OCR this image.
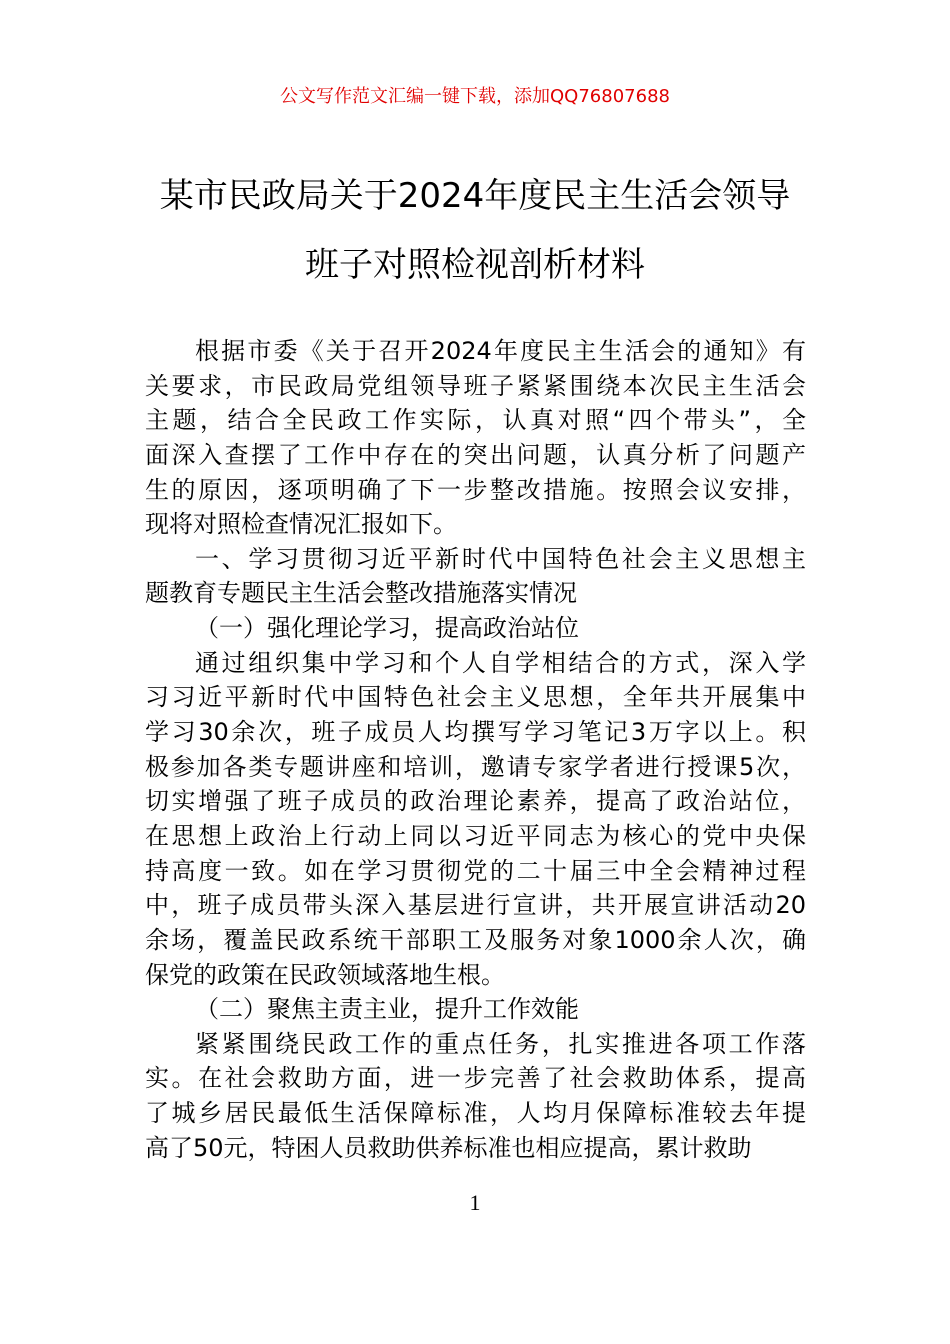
公文写作范文汇编一键下载，添加QQ76807688
某市民政局关于2024年度民主生活会领导
班子对照检视剖析材料
根据市委《关于召开2024年度民主生活会的通知》有
关要求，市民政局党组领导班子紧紧围绕本次民主生活会
主题，结合全民政工作实际，认真对照“四个带头”，全
面深入查摆了工作中存在的突出问题，认真分析了问题产
生的原因，逐项明确了下一步整改措施。按照会议安排，
现将对照检查情况汇报如下。
一、学习贯彻习近平新时代中国特色社会主义思想主
题教育专题民主生活会整改措施落实情况
（一）强化理论学习，提高政治站位
通过组织集中学习和个人自学相结合的方式，深入学
习习近平新时代中国特色社会主义思想，全年共开展集中
学习30余次，班子成员人均撰写学习笔记3万字以上。积
极参加各类专题讲座和培训，邀请专家学者进行授课5次，
切实增强了班子成员的政治理论素养，提高了政治站位，
在思想上政治上行动上同以习近平同志为核心的党中央保
持高度一致。如在学习贯彻党的二十届三中全会精神过程
中，班子成员带头深入基层进行宣讲，共开展宣讲活动20
余场，覆盖民政系统干部职工及服务对象1000余人次，确
保党的政策在民政领域落地生根。
（二）聚焦主责主业，提升工作效能
紧紧围绕民政工作的重点任务，扎实推进各项工作落
实。在社会救助方面，进一步完善了社会救助体系，提高
了城乡居民最低生活保障标准，人均月保障标准较去年提
高了50元，特困人员救助供养标准也相应提高，累计救助
1
